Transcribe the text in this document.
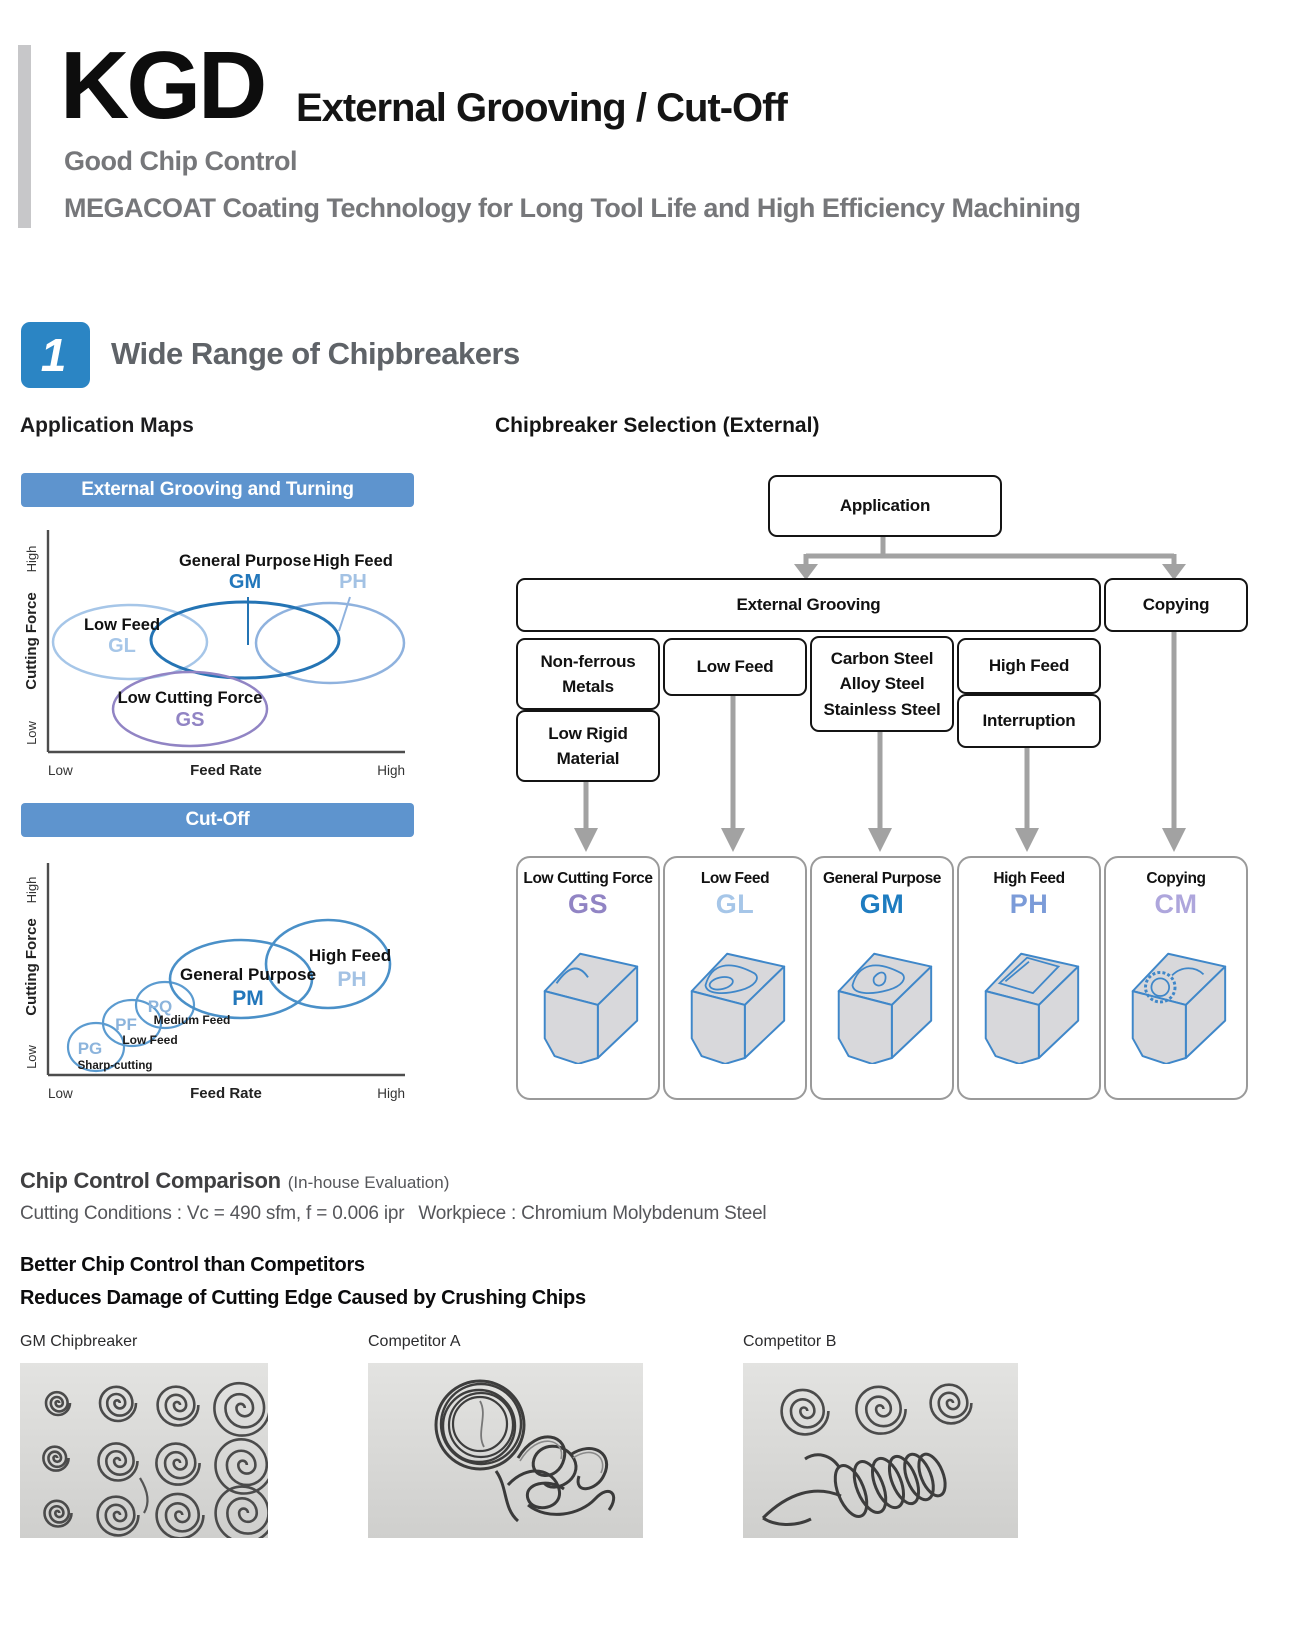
KGD External Grooving / Cut-Off
Good Chip Control
MEGACOAT Coating Technology for Long Tool Life and High Efficiency Machining
1 Wide Range of Chipbreakers
Application Maps	Chipbreaker Selection (External)
External Grooving and Turning
High
Cutting Force
Low
Low	Feed Rate	High
Low Feed
GL
General Purpose
GM
High Feed
PH
Low Cutting Force
GS
Cut-Off
High
Cutting Force
Low
Low	Feed Rate	High
PG
Sharp-cutting
PF
Low Feed
PQ
Medium Feed
General Purpose
PM
High Feed
PH
Application
External Grooving	Copying
Non-ferrous
Metals
Low Rigid
Material
Low Feed	Carbon Steel
Alloy Steel
Stainless Steel
High Feed
Interruption
Low Cutting Force
GS
Low Feed
GL
General Purpose
GM
High Feed
PH
Copying
CM
Chip Control Comparison (In-house Evaluation)
Cutting Conditions : Vc = 490 sfm, f = 0.006 ipr Workpiece : Chromium Molybdenum Steel
Better Chip Control than Competitors
Reduces Damage of Cutting Edge Caused by Crushing Chips
GM Chipbreaker	Competitor A	Competitor B
